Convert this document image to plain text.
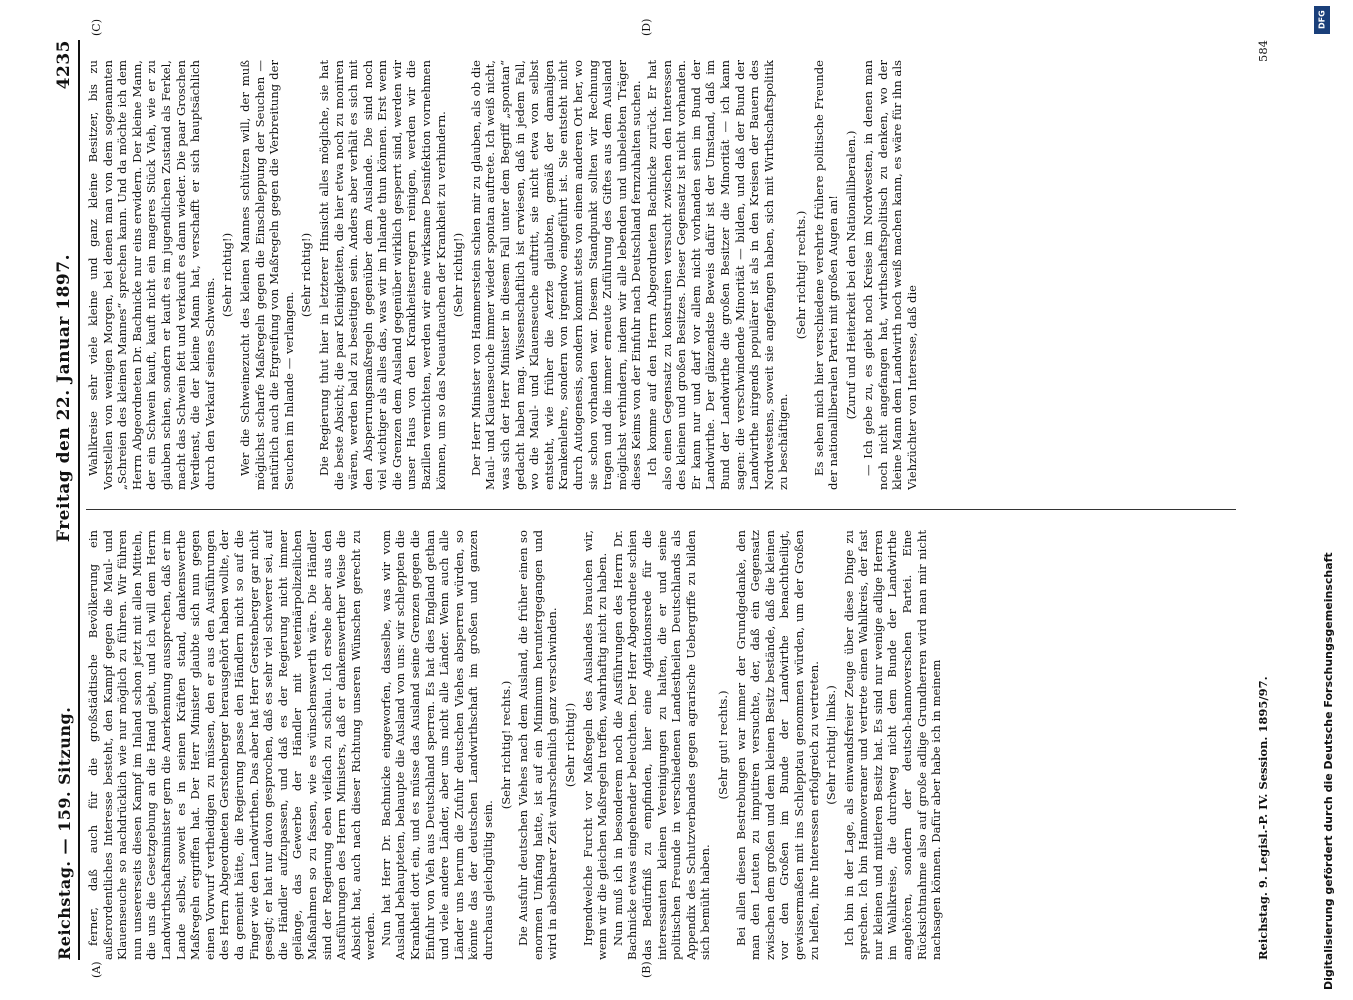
Reichstag. — 159. Sitzung.
Freitag den 22. Januar 1897.
4235
(A)	(B)
(C)	(D)

ferner, daß auch für die großstädtische Bevölkerung ein außerordentliches Interesse besteht, den Kampf gegen die Maul- und Klauenseuche so nachdrücklich wie nur möglich zu führen. Wir führen nun unsererseits diesen Kampf im Inland schon jetzt mit allen Mitteln, die uns die Gesetzgebung an die Hand giebt, und ich will dem Herrn Landwirthschaftsminister gern die Anerkennung aussprechen, daß er im Lande selbst, soweit es in seinen Kräften stand, dankenswerthe Maßregeln ergriffen hat. Der Herr Minister glaubte sich nun gegen einen Vorwurf vertheidigen zu müssen, den er aus den Ausführungen des Herrn Abgeordneten Gerstenberger herausgehört haben wollte, der da gemeint hätte, die Regierung passe den Händlern nicht so auf die Finger wie den Landwirthen. Das aber hat Herr Gerstenberger gar nicht gesagt; er hat nur davon gesprochen, daß es sehr viel schwerer sei, auf die Händler aufzupassen, und daß es der Regierung nicht immer gelänge, das Gewerbe der Händler mit veterinärpolizeilichen Maßnahmen so zu fassen, wie es wünschenswerth wäre. Die Händler sind der Regierung eben vielfach zu schlau. Ich ersehe aber aus den Ausführungen des Herrn Ministers, daß er dankenswerther Weise die Absicht hat, auch nach dieser Richtung unseren Wünschen gerecht zu werden. Nun hat Herr Dr. Bachnicke eingeworfen, dasselbe, was wir vom Ausland behaupteten, behaupte die Ausland von uns: wir schleppten die Krankheit dort ein, und es müsse das Ausland seine Grenzen gegen die Einfuhr von Vieh aus Deutschland sperren. Es hat dies England gethan und viele andere Länder, aber uns nicht alle Länder. Wenn auch alle Länder uns herum die Zufuhr deutschen Viehes absperren würden, so könnte das der deutschen Landwirthschaft im großen und ganzen durchaus gleichgültig sein.

(Sehr richtig! rechts.) Die Ausfuhr deutschen Viehes nach dem Ausland, die früher einen so enormen Umfang hatte, ist auf ein Minimum heruntergegangen und wird in absehbarer Zeit wahrscheinlich ganz verschwinden. (Sehr richtig!) Irgendwelche Furcht vor Maßregeln des Auslandes brauchen wir, wenn wir die gleichen Maßregeln treffen, wahrhaftig nicht zu haben. Nun muß ich in besonderem noch die Ausführungen des Herrn Dr. Bachnicke etwas eingehender beleuchten. Der Herr Abgeordnete schien das Bedürfniß zu empfinden, hier eine Agitationsrede für die interessanten kleinen Vereinigungen zu halten, die er und seine politischen Freunde in verschiedenen Landestheilen Deutschlands als Appendix des Schutzverbandes gegen agrarische Uebergriffe zu bilden sich bemüht haben.

(Sehr gut! rechts.) Bei allen diesen Bestrebungen war immer der Grundgedanke, den man den Leuten zu imputiren versuchte, der, daß ein Gegensatz zwischen dem großen und dem kleinen Besitz bestände, daß die kleinen vor den Großen im Bunde der Landwirthe benachtheiligt, gewissermaßen mit ins Schlepptau genommen würden, um der Großen zu helfen, ihre Interessen erfolgreich zu vertreten. (Sehr richtig! links.) Ich bin in der Lage, als einwandsfreier Zeuge über diese Dinge zu sprechen. Ich bin Hannoveraner und vertrete einen Wahlkreis, der fast nur kleinen und mittleren Besitz hat. Es sind nur wenige adlige Herren im Wahlkreise, die durchweg nicht dem Bunde der Landwirthe angehören, sondern der deutsch-hannoverschen Partei. Eine Rücksichtnahme also auf große adlige Grundherren wird man mir nicht nachsagen können. Dafür aber habe ich in meinem

Wahlkreise sehr viele kleine und ganz kleine Besitzer, bis zu Vorstellen von wenigen Morgen, bei denen man von dem sogenannten „Schreien des kleinen Mannes“ sprechen kann. Und da möchte ich dem Herrn Abgeordneten Dr. Bachnicke nur eins erwidern. Der kleine Mann, der ein Schwein kauft, kauft nicht ein mageres Stück Vieh, wie er zu glauben schien, sondern er kauft es im jugendlichen Zustand als Ferkel, macht das Schwein fett und verkauft es dann wieder. Die paar Groschen Verdienst, die der kleine Mann hat, verschafft er sich hauptsächlich durch den Verkauf seines Schweins.

(Sehr richtig!) Wer die Schweinezucht des kleinen Mannes schützen will, der muß möglichst scharfe Maßregeln gegen die Einschleppung der Seuchen — natürlich auch die Ergreifung von Maßregeln gegen die Verbreitung der Seuchen im Inlande — verlangen.

(Sehr richtig!) Die Regierung thut hier in letzterer Hinsicht alles mögliche, sie hat die beste Absicht; die paar Kleinigkeiten, die hier etwa noch zu moniren wären, werden bald zu beseitigen sein. Anders aber verhält es sich mit den Absperrungsmaßregeln gegenüber dem Auslande. Die sind noch viel wichtiger als alles das, was wir im Inlande thun können. Erst wenn die Grenzen dem Ausland gegenüber wirklich gesperrt sind, werden wir unser Haus von den Krankheitserregern reinigen, werden wir die Bazillen vernichten, werden wir eine wirksame Desinfektion vornehmen können, um so das Neuauftauchen der Krankheit zu verhindern. (Sehr richtig!) Der Herr Minister von Hammerstein schien mir zu glauben, als ob die Maul- und Klauenseuche immer wieder spontan auftrete. Ich weiß nicht, was sich der Herr Minister in diesem Fall unter dem Begriff „spontan“ gedacht haben mag. Wissenschaftlich ist erwiesen, daß in jedem Fall, wo die Maul- und Klauenseuche auftritt, sie nicht etwa von selbst entsteht, wie früher die Aerzte glaubten, gemäß der damaligen Krankenlehre, sondern von irgendwo eingeführt ist. Sie entsteht nicht durch Autogenesis, sondern kommt stets von einem anderen Ort her, wo sie schon vorhanden war. Diesem Standpunkt sollten wir Rechnung tragen und die immer erneute Zuführung des Giftes aus dem Ausland möglichst verhindern, indem wir alle lebenden und unbelebten Träger dieses Keims von der Einfuhr nach Deutschland fernzuhalten suchen. Ich komme auf den Herrn Abgeordneten Bachnicke zurück. Er hat also einen Gegensatz zu konstruiren versucht zwischen den Interessen des kleinen und großen Besitzes. Dieser Gegensatz ist nicht vorhanden. Er kann nur und darf vor allem nicht vorhanden sein im Bund der Landwirthe. Der glänzendste Beweis dafür ist der Umstand, daß im Bund der Landwirthe die großen Besitzer die Minorität — ich kann sagen: die verschwindende Minorität — bilden, und daß der Bund der Landwirthe nirgends populärer ist als in den Kreisen der Bauern des Nordwestens, soweit sie angefangen haben, sich mit Wirthschaftspolitik zu beschäftigen.

(Sehr richtig! rechts.) Es sehen mich hier verschiedene verehrte frühere politische Freunde der nationalliberalen Partei mit großen Augen an! (Zuruf und Heiterkeit bei den Nationalliberalen.) — Ich gebe zu, es giebt noch Kreise im Nordwesten, in denen man noch nicht angefangen hat, wirthschaftspolitisch zu denken, wo der kleine Mann dem Landwirth noch weiß machen kann, es wäre für ihn als Viehzüchter von Interesse, daß die

Reichstag. 9. Legisl.-P. IV. Session. 1895/97.
584
DFG
Digitalisierung gefördert durch die Deutsche Forschungsgemeinschaft
